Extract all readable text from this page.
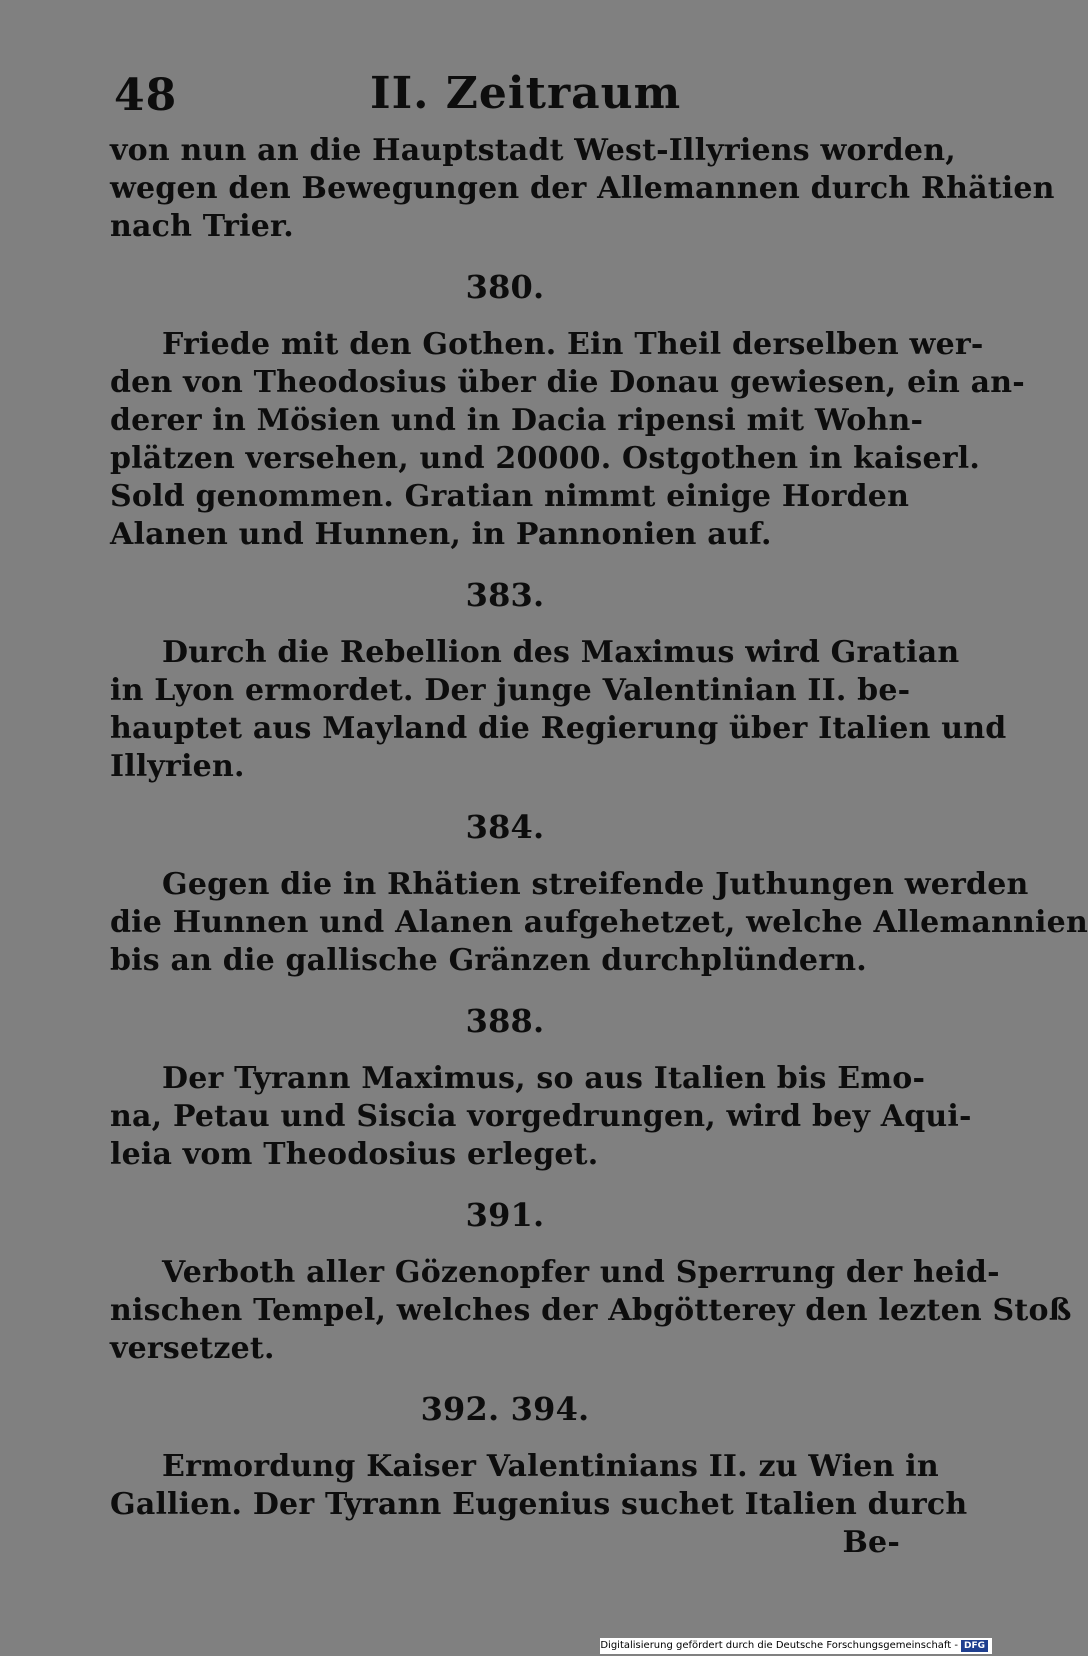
48	II. Zeitraum
von nun an die Hauptstadt West-Illyriens worden,
wegen den Bewegungen der Allemannen durch Rhätien
nach Trier.
380.
Friede mit den Gothen. Ein Theil derselben wer-
den von Theodosius über die Donau gewiesen, ein an-
derer in Mösien und in Dacia ripensi mit Wohn-
plätzen versehen, und 20000. Ostgothen in kaiserl.
Sold genommen. Gratian nimmt einige Horden
Alanen und Hunnen, in Pannonien auf.
383.
Durch die Rebellion des Maximus wird Gratian
in Lyon ermordet. Der junge Valentinian II. be-
hauptet aus Mayland die Regierung über Italien und
Illyrien.
384.
Gegen die in Rhätien streifende Juthungen werden
die Hunnen und Alanen aufgehetzet, welche Allemannien
bis an die gallische Gränzen durchplündern.
388.
Der Tyrann Maximus, so aus Italien bis Emo-
na, Petau und Siscia vorgedrungen, wird bey Aqui-
leia vom Theodosius erleget.
391.
Verboth aller Gözenopfer und Sperrung der heid-
nischen Tempel, welches der Abgötterey den lezten Stoß
versetzet.
392. 394.
Ermordung Kaiser Valentinians II. zu Wien in
Gallien. Der Tyrann Eugenius suchet Italien durch
Be-
Digitalisierung gefördert durch die Deutsche Forschungsgemeinschaft - DFG
